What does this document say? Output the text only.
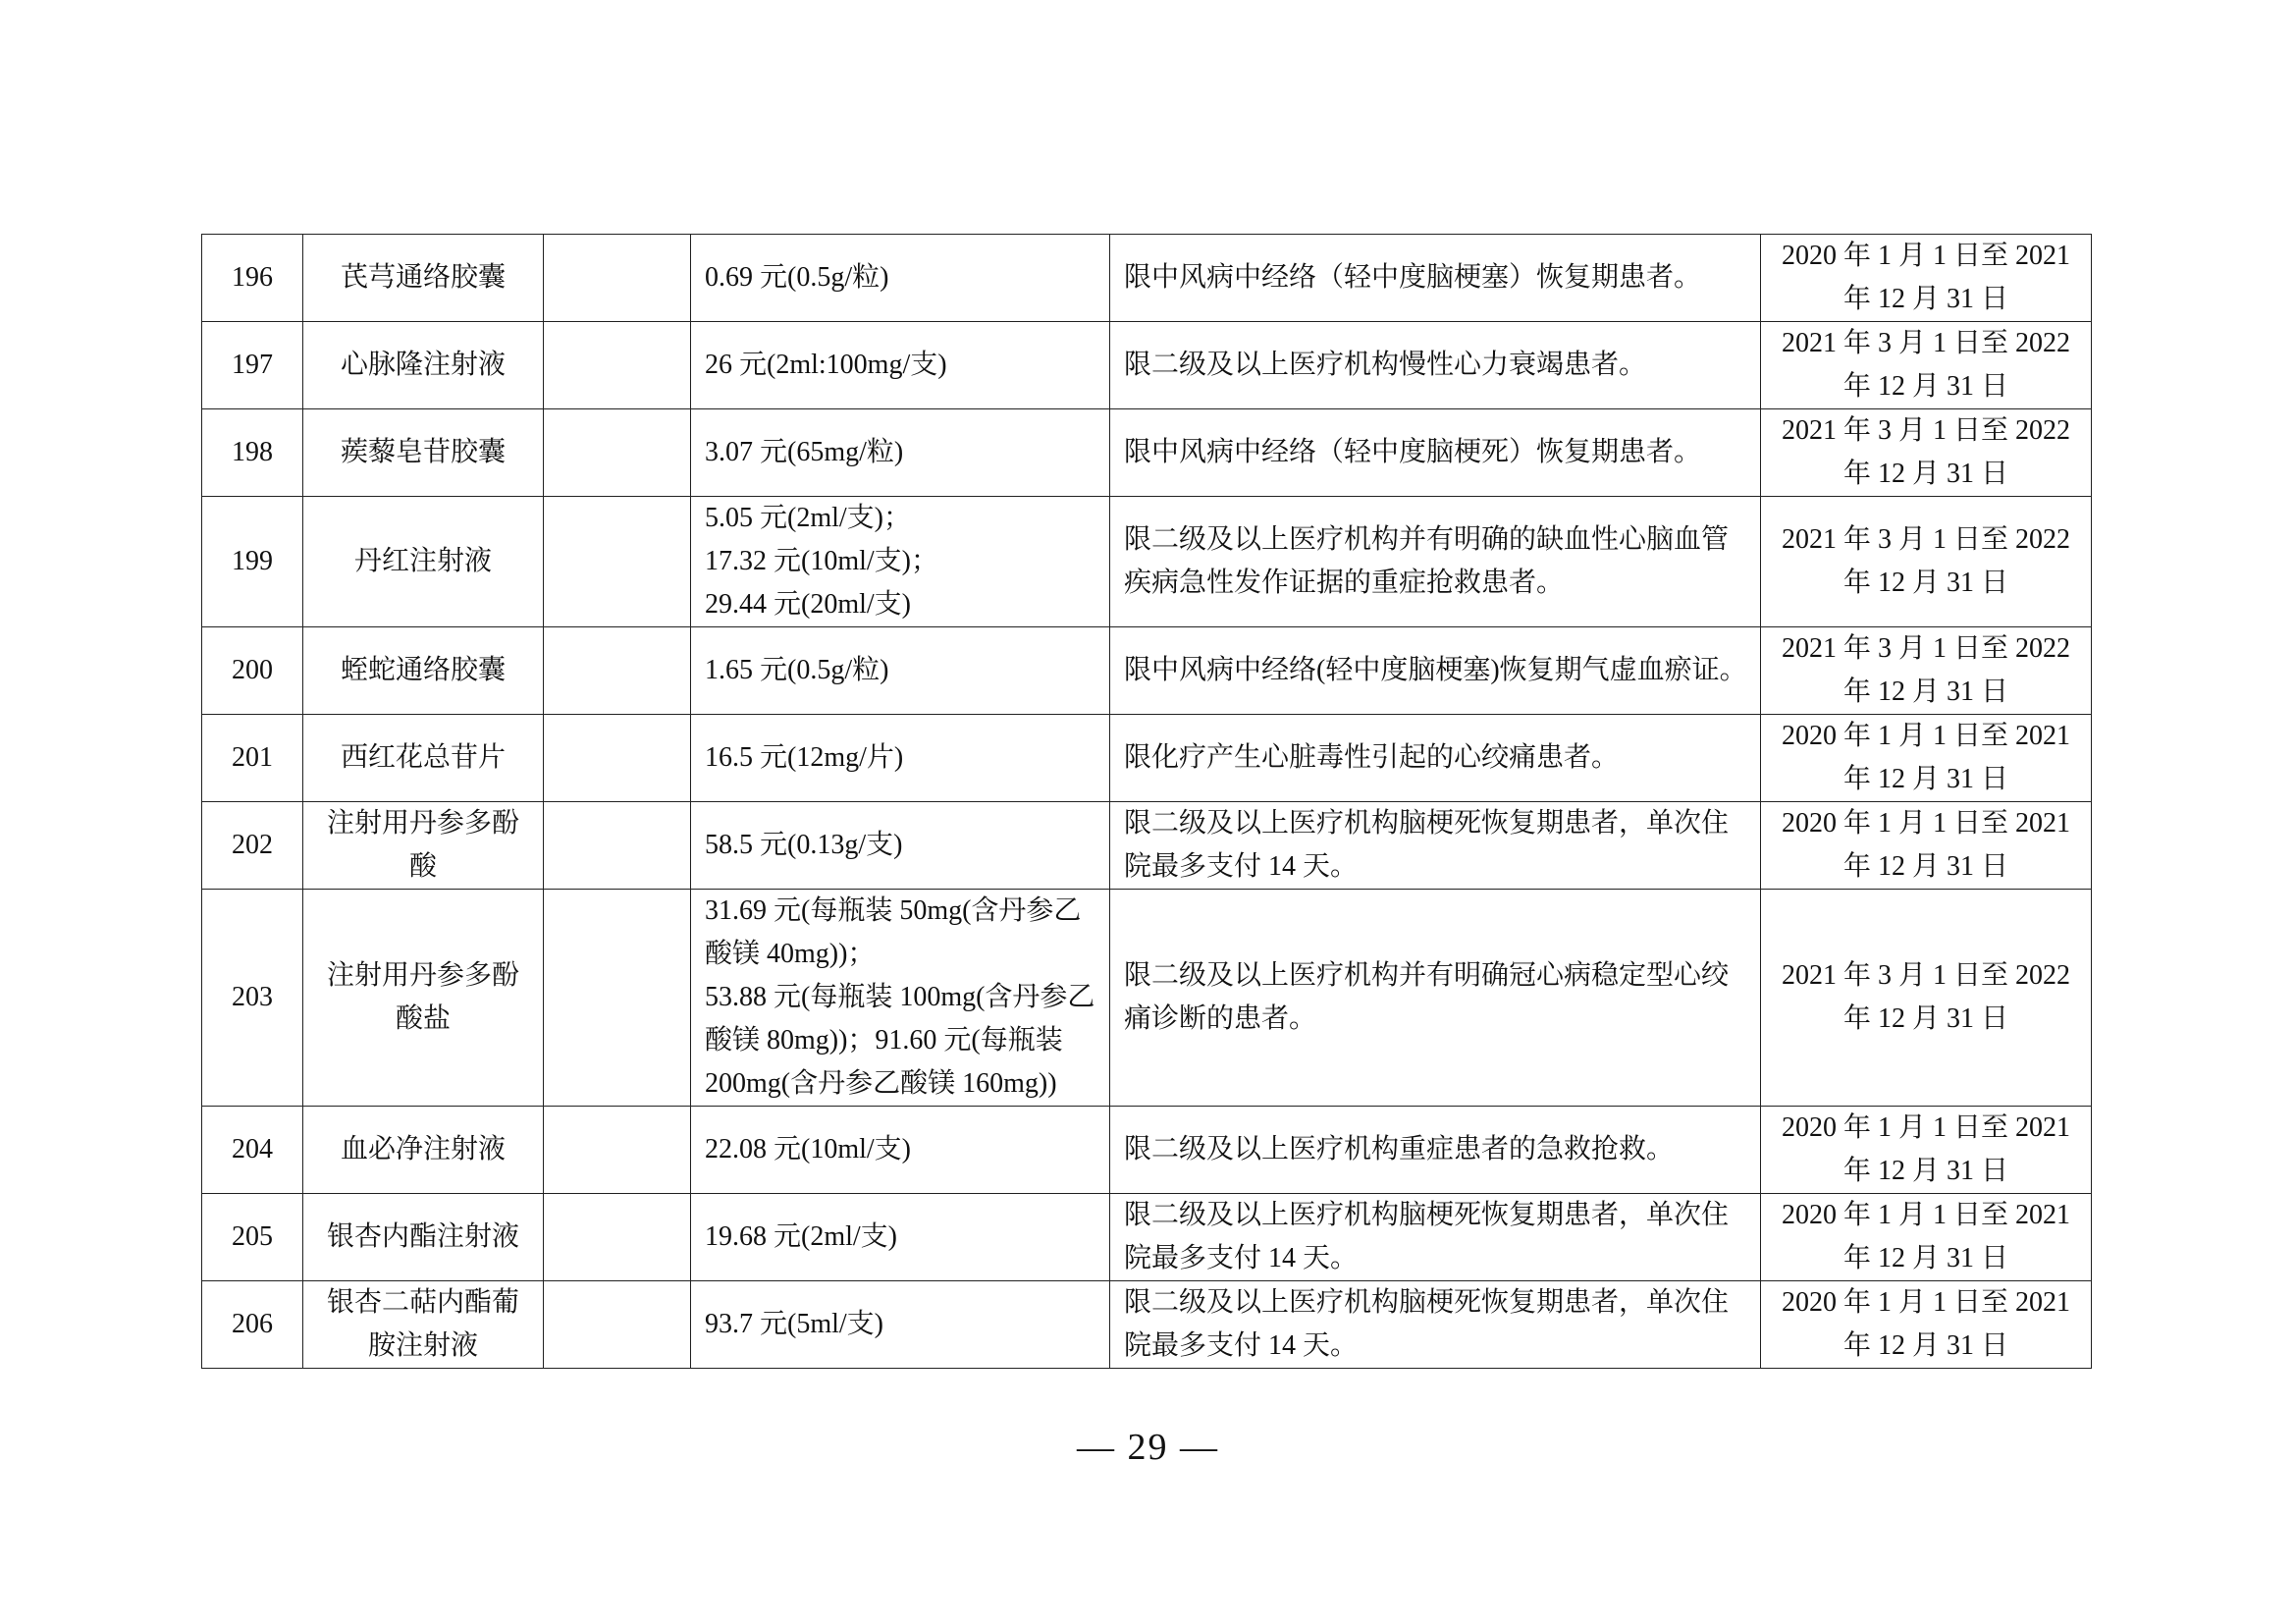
196	芪芎通络胶囊		0.69 元(0.5g/粒)	限中风病中经络（轻中度脑梗塞）恢复期患者。	2020 年 1 月 1 日至 2021
年 12 月 31 日

197	心脉隆注射液		26 元(2ml:100mg/支)	限二级及以上医疗机构慢性心力衰竭患者。	2021 年 3 月 1 日至 2022
年 12 月 31 日

198	蒺藜皂苷胶囊		3.07 元(65mg/粒)	限中风病中经络（轻中度脑梗死）恢复期患者。	2021 年 3 月 1 日至 2022
年 12 月 31 日

199	丹红注射液		5.05 元(2ml/支)；
17.32 元(10ml/支)；
29.44 元(20ml/支)	限二级及以上医疗机构并有明确的缺血性心脑血管
疾病急性发作证据的重症抢救患者。	2021 年 3 月 1 日至 2022
年 12 月 31 日

200	蛭蛇通络胶囊		1.65 元(0.5g/粒)	限中风病中经络(轻中度脑梗塞)恢复期气虚血瘀证。	2021 年 3 月 1 日至 2022
年 12 月 31 日

201	西红花总苷片		16.5 元(12mg/片)	限化疗产生心脏毒性引起的心绞痛患者。	2020 年 1 月 1 日至 2021
年 12 月 31 日

202	注射用丹参多酚
酸		58.5 元(0.13g/支)	限二级及以上医疗机构脑梗死恢复期患者，单次住
院最多支付 14 天。	2020 年 1 月 1 日至 2021
年 12 月 31 日

203	注射用丹参多酚
酸盐		31.69 元(每瓶装 50mg(含丹参乙
酸镁 40mg))；
53.88 元(每瓶装 100mg(含丹参乙
酸镁 80mg))；91.60 元(每瓶装
200mg(含丹参乙酸镁 160mg))	限二级及以上医疗机构并有明确冠心病稳定型心绞
痛诊断的患者。	2021 年 3 月 1 日至 2022
年 12 月 31 日

204	血必净注射液		22.08 元(10ml/支)	限二级及以上医疗机构重症患者的急救抢救。	2020 年 1 月 1 日至 2021
年 12 月 31 日

205	银杏内酯注射液		19.68 元(2ml/支)	限二级及以上医疗机构脑梗死恢复期患者，单次住
院最多支付 14 天。	2020 年 1 月 1 日至 2021
年 12 月 31 日

206	银杏二萜内酯葡
胺注射液		93.7 元(5ml/支)	限二级及以上医疗机构脑梗死恢复期患者，单次住
院最多支付 14 天。	2020 年 1 月 1 日至 2021
年 12 月 31 日
— 29 —
